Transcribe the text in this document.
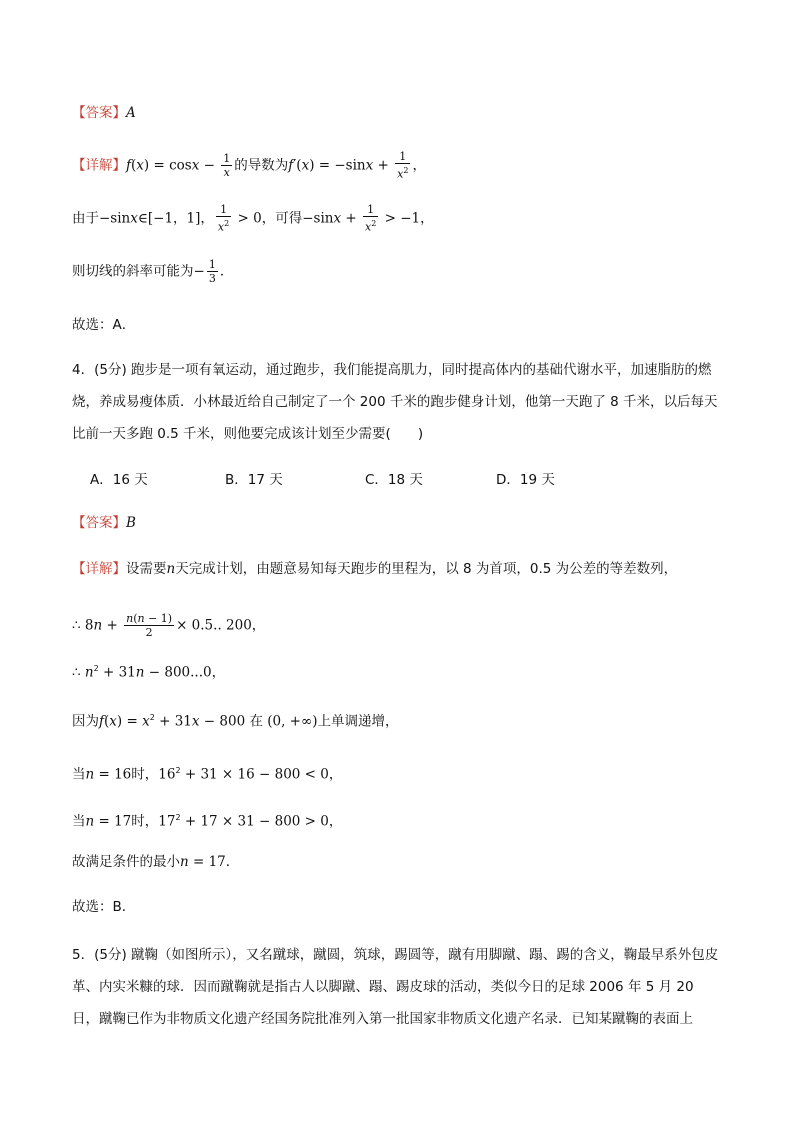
【答案】A
【详解】$f(x) = \cos x - \frac{1}{x}$ 的导数为$f'(x) = -\sin x + \frac{1}{x^2}$ ，
由于−sinx∈[−1，1]， $\frac{1}{x^2} > 0$，可得$-\sin x + \frac{1}{x^2} > -1$，
则切线的斜率可能为− $\frac{1}{3}$ ．
故选：A．
4．(5分) 跑步是一项有氧运动，通过跑步，我们能提高肌力，同时提高体内的基础代谢水平，加速脂肪的燃烧，养成易瘦体质．小林最近给自己制定了一个 200 千米的跑步健身计划，他第一天跑了 8 千米，以后每天比前一天多跑 0.5 千米，则他要完成该计划至少需要(　　)
A．16 天	B．17 天	C．18 天	D．19 天
【答案】B
【详解】设需要n天完成计划，由题意易知每天跑步的里程为，以 8 为首项，0.5 为公差的等差数列，
∴ $8n + \frac{n(n - 1)}{2} \times 0.5$.. 200，
∴ $n^2 + 31n - 800...0$，
因为$f(x) = x^2 + 31x - 800$ 在 (0, +∞)上单调递增，
当n = 16时，$16^2 + 31 \times 16 - 800 < 0$，
当n = 17时，$17^2 + 17 \times 31 - 800 > 0$，
故满足条件的最小n = 17．
故选：B．
5．(5分) 蹴鞠（如图所示），又名蹴球，蹴圆，筑球，踢圆等，蹴有用脚蹴、蹋、踢的含义，鞠最早系外包皮革、内实米糠的球．因而蹴鞠就是指古人以脚蹴、蹋、踢皮球的活动，类似今日的足球 2006 年 5 月 20 日，蹴鞠已作为非物质文化遗产经国务院批准列入第一批国家非物质文化遗产名录．已知某蹴鞠的表面上
